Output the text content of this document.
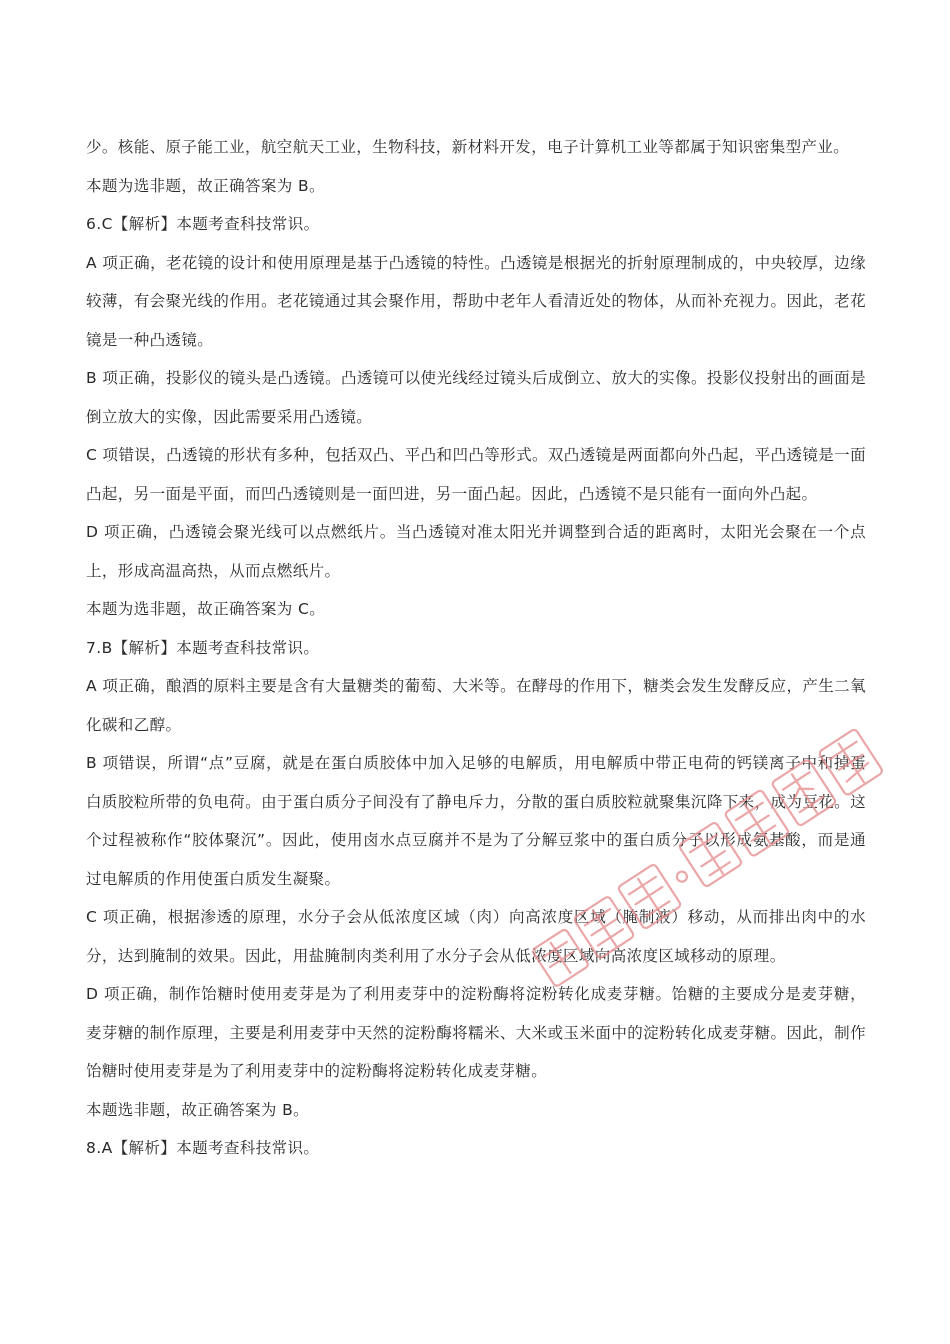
少。核能、原子能工业，航空航天工业，生物科技，新材料开发，电子计算机工业等都属于知识密集型产业。

本题为选非题，故正确答案为 B。

6.C【解析】本题考查科技常识。

A 项正确，老花镜的设计和使用原理是基于凸透镜的特性。凸透镜是根据光的折射原理制成的，中央较厚，边缘较薄，有会聚光线的作用。老花镜通过其会聚作用，帮助中老年人看清近处的物体，从而补充视力。因此，老花镜是一种凸透镜。

B 项正确，投影仪的镜头是凸透镜。凸透镜可以使光线经过镜头后成倒立、放大的实像。投影仪投射出的画面是倒立放大的实像，因此需要采用凸透镜。

C 项错误，凸透镜的形状有多种，包括双凸、平凸和凹凸等形式。双凸透镜是两面都向外凸起，平凸透镜是一面凸起，另一面是平面，而凹凸透镜则是一面凹进，另一面凸起。因此，凸透镜不是只能有一面向外凸起。

D 项正确，凸透镜会聚光线可以点燃纸片。当凸透镜对准太阳光并调整到合适的距离时，太阳光会聚在一个点上，形成高温高热，从而点燃纸片。

本题为选非题，故正确答案为 C。

7.B【解析】本题考查科技常识。

A 项正确，酿酒的原料主要是含有大量糖类的葡萄、大米等。在酵母的作用下，糖类会发生发酵反应，产生二氧化碳和乙醇。

B 项错误，所谓“点”豆腐，就是在蛋白质胶体中加入足够的电解质，用电解质中带正电荷的钙镁离子中和掉蛋白质胶粒所带的负电荷。由于蛋白质分子间没有了静电斥力，分散的蛋白质胶粒就聚集沉降下来，成为豆花。这个过程被称作“胶体聚沉”。因此，使用卤水点豆腐并不是为了分解豆浆中的蛋白质分子以形成氨基酸，而是通过电解质的作用使蛋白质发生凝聚。

C 项正确，根据渗透的原理，水分子会从低浓度区域（肉）向高浓度区域（腌制液）移动，从而排出肉中的水分，达到腌制的效果。因此，用盐腌制肉类利用了水分子会从低浓度区域向高浓度区域移动的原理。

D 项正确，制作饴糖时使用麦芽是为了利用麦芽中的淀粉酶将淀粉转化成麦芽糖。饴糖的主要成分是麦芽糖，麦芽糖的制作原理，主要是利用麦芽中天然的淀粉酶将糯米、大米或玉米面中的淀粉转化成麦芽糖。因此，制作饴糖时使用麦芽是为了利用麦芽中的淀粉酶将淀粉转化成麦芽糖。

本题选非题，故正确答案为 B。

8.A【解析】本题考查科技常识。
